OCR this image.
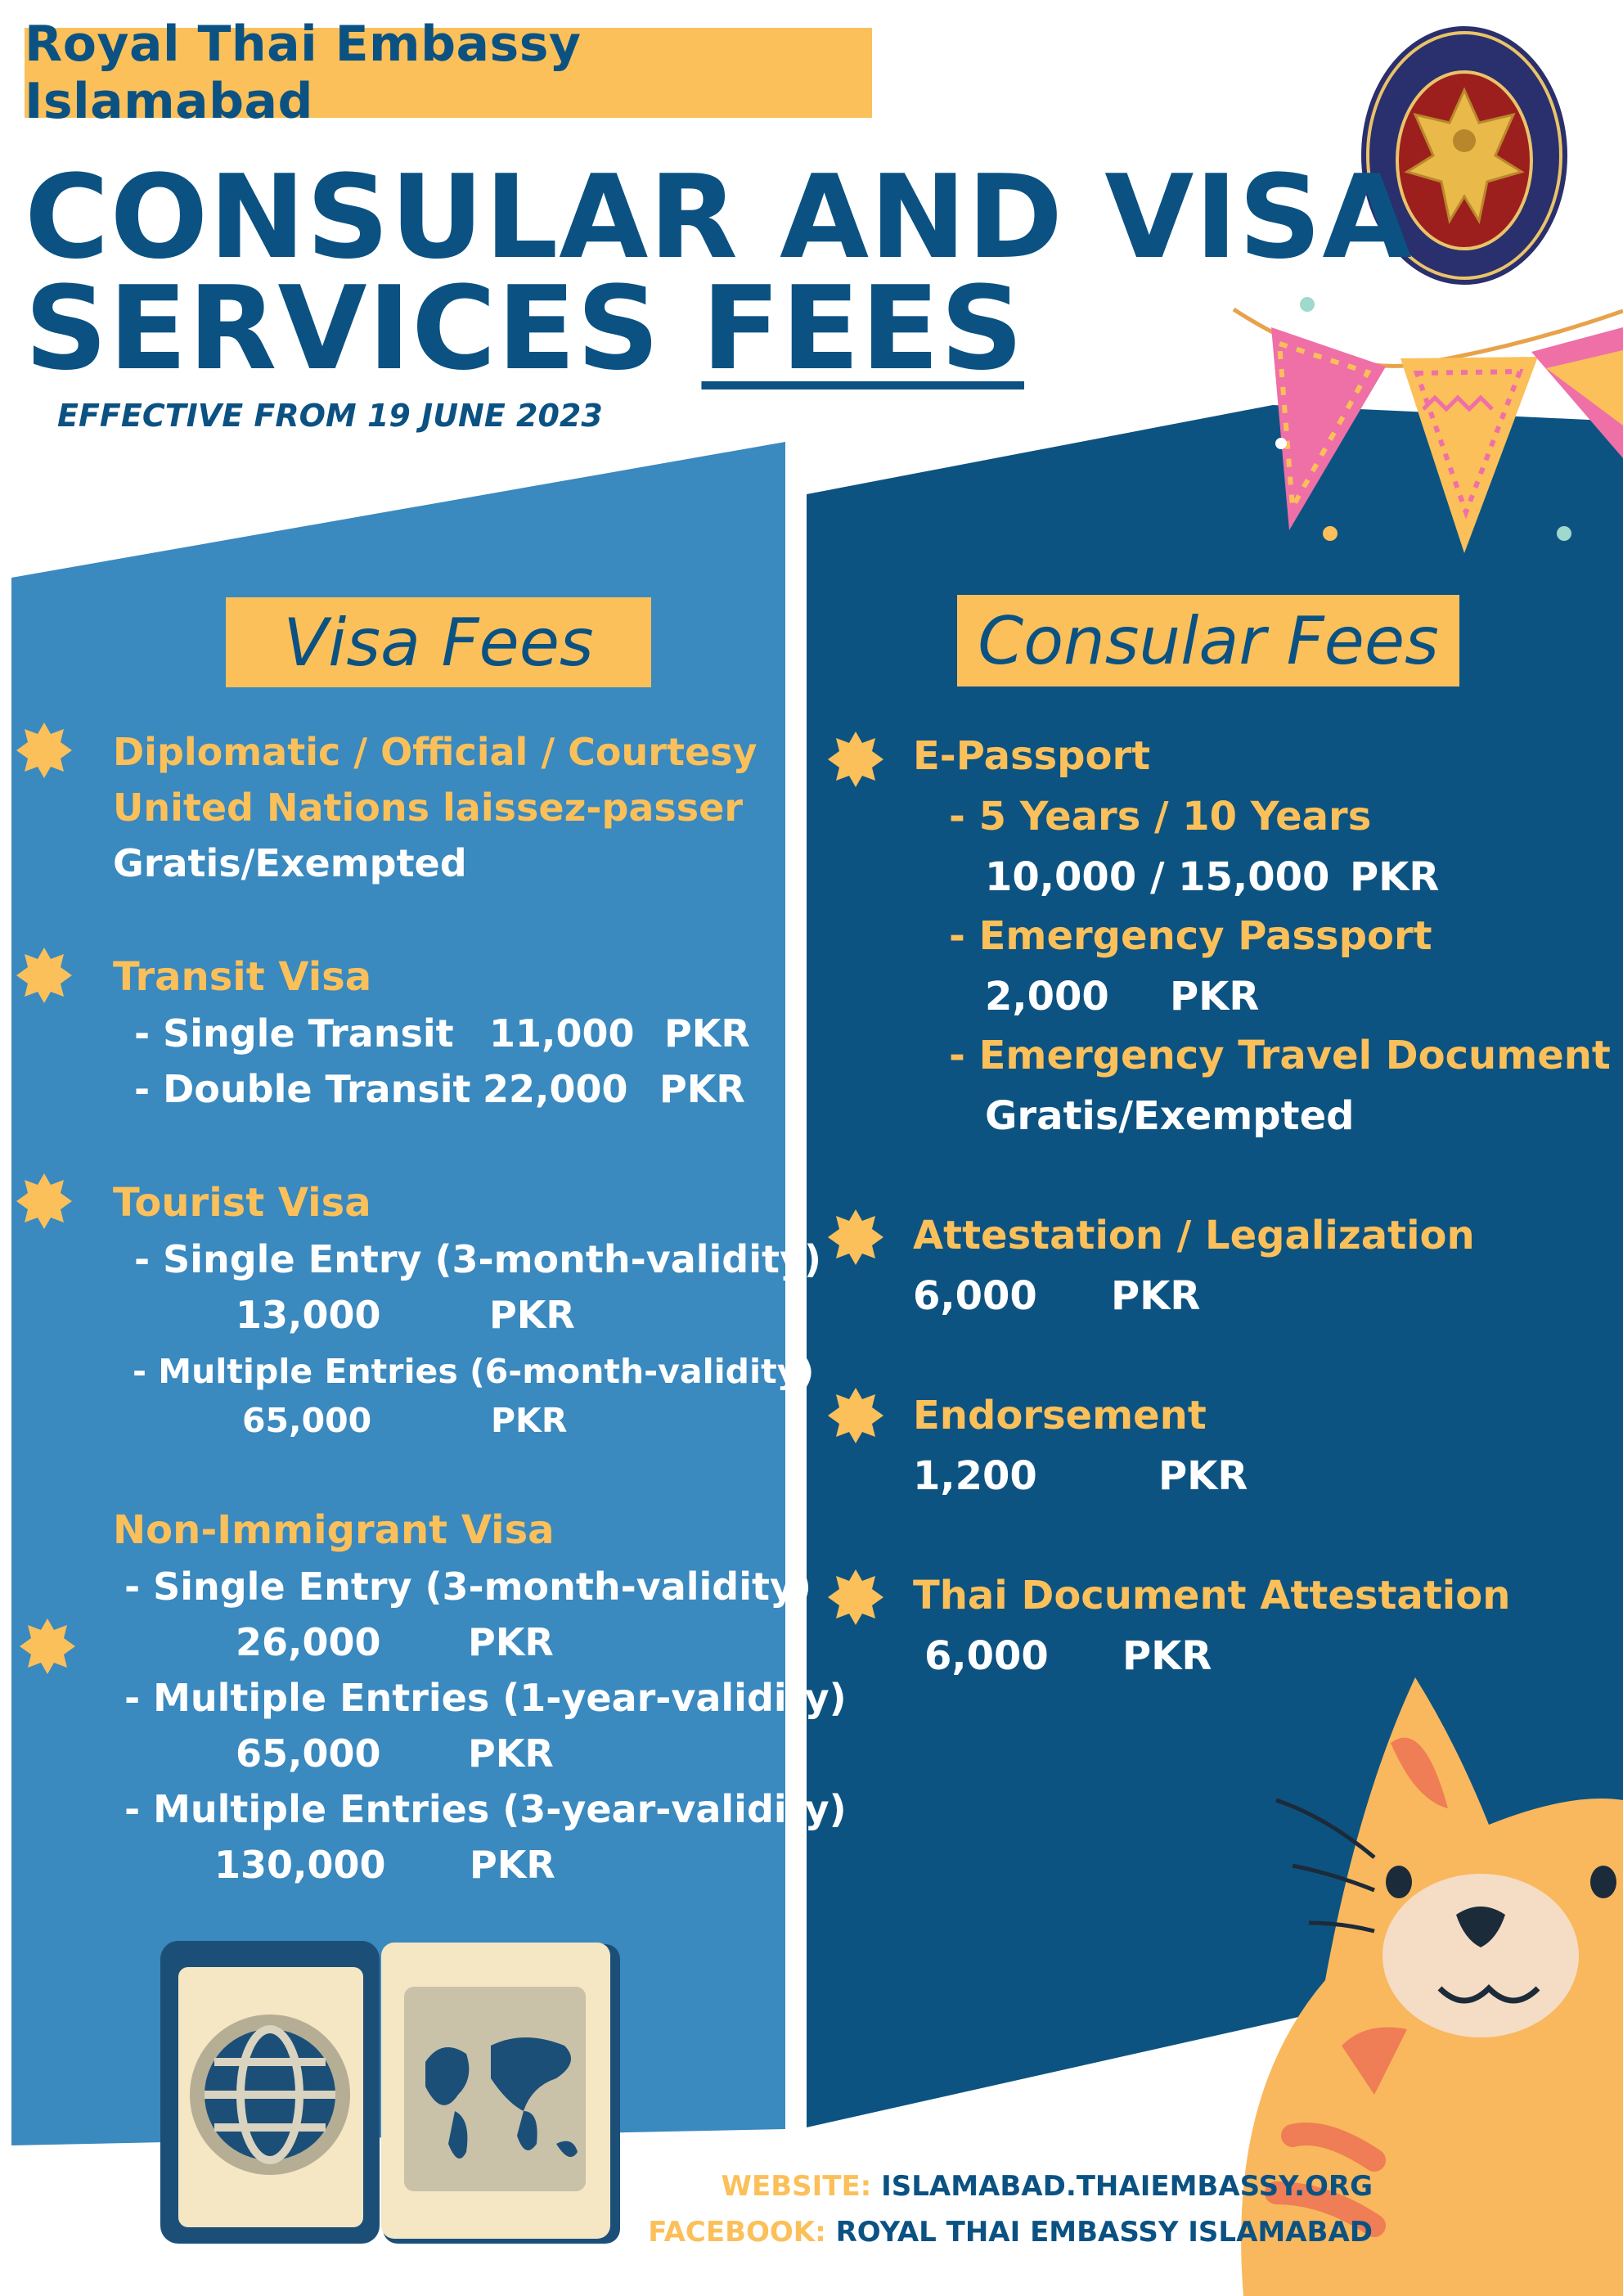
Royal Thai Embassy Islamabad
CONSULAR AND VISA
SERVICES FEES
EFFECTIVE FROM 19 JUNE 2023
Visa Fees	Consular Fees
Diplomatic / Official / Courtesy
United Nations laissez-passer
Gratis/Exempted
Transit Visa
- Single Transit 11,000 PKR
- Double Transit 22,000 PKR
Tourist Visa
- Single Entry (3-month-validity)
13,000	PKR
- Multiple Entries (6-month-validity)
65,000	PKR
Non-Immigrant Visa
- Single Entry (3-month-validity)
26,000 PKR
- Multiple Entries (1-year-validity)
65,000 PKR
- Multiple Entries (3-year-validity)
130,000 PKR
E-Passport
- 5 Years / 10 Years
10,000 / 15,000 PKR
- Emergency Passport
2,000 PKR
- Emergency Travel Document
Gratis/Exempted
Attestation / Legalization
6,000 PKR
Endorsement
1,200	PKR
Thai Document Attestation
6,000 PKR
WEBSITE: ISLAMABAD.THAIEMBASSY.ORG
FACEBOOK: ROYAL THAI EMBASSY ISLAMABAD
